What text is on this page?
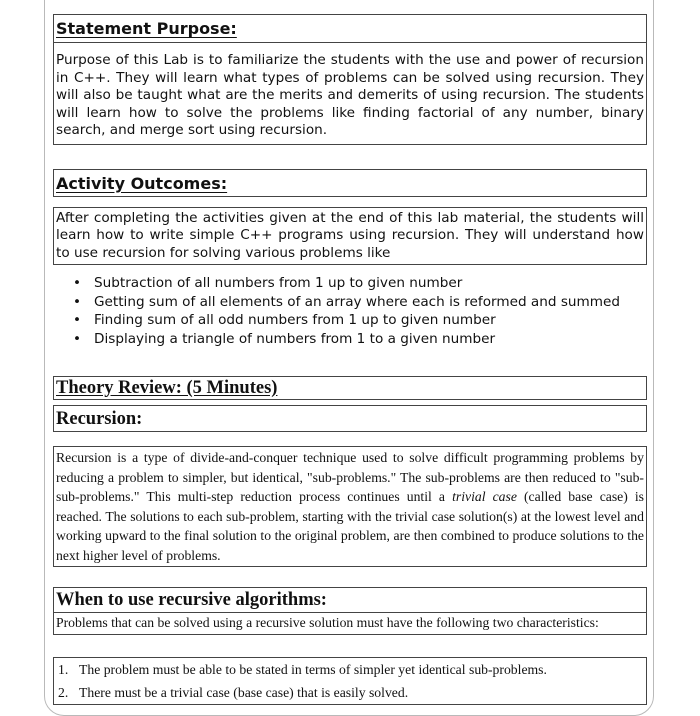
Statement Purpose:

Purpose of this Lab is to familiarize the students with the use and power of recursion in C++. They will learn what types of problems can be solved using recursion. They will also be taught what are the merits and demerits of using recursion. The students will learn how to solve the problems like finding factorial of any number, binary search, and merge sort using recursion.

Activity Outcomes:

After completing the activities given at the end of this lab material, the students will learn how to write simple C++ programs using recursion. They will understand how to use recursion for solving various problems like

• Subtraction of all numbers from 1 up to given number
• Getting sum of all elements of an array where each is reformed and summed
• Finding sum of all odd numbers from 1 up to given number
• Displaying a triangle of numbers from 1 to a given number
Theory Review: (5 Minutes)
Recursion:

Recursion is a type of divide-and-conquer technique used to solve difficult programming problems by reducing a problem to simpler, but identical, "sub-problems." The sub-problems are then reduced to "sub-sub-problems." This multi-step reduction process continues until a trivial case (called base case) is reached. The solutions to each sub-problem, starting with the trivial case solution(s) at the lowest level and working upward to the final solution to the original problem, are then combined to produce solutions to the next higher level of problems.

When to use recursive algorithms:

Problems that can be solved using a recursive solution must have the following two characteristics:

1. The problem must be able to be stated in terms of simpler yet identical sub-problems.
2. There must be a trivial case (base case) that is easily solved.
